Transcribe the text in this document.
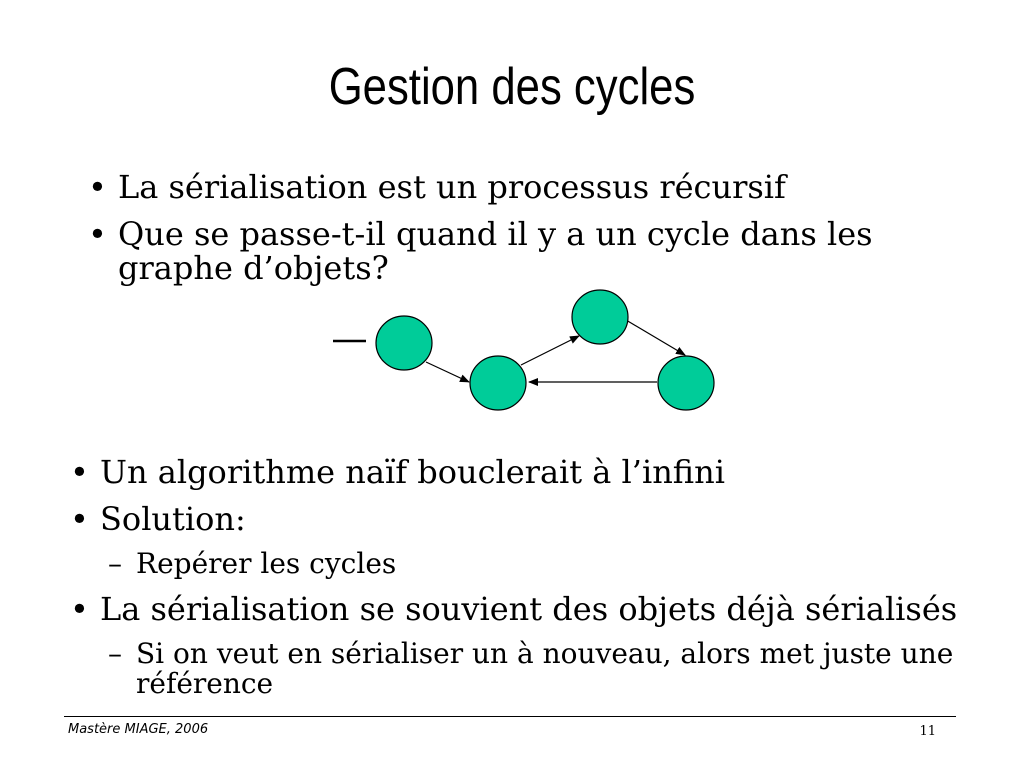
Gestion des cycles
• La sérialisation est un processus récursif
• Que se passe-t-il quand il y a un cycle dans les graphe d’objets?
• Un algorithme naïf bouclerait à l’infini
• Solution:
– Repérer les cycles
• La sérialisation se souvient des objets déjà sérialisés
– Si on veut en sérialiser un à nouveau, alors met juste une référence
Mastère MIAGE, 2006	11
